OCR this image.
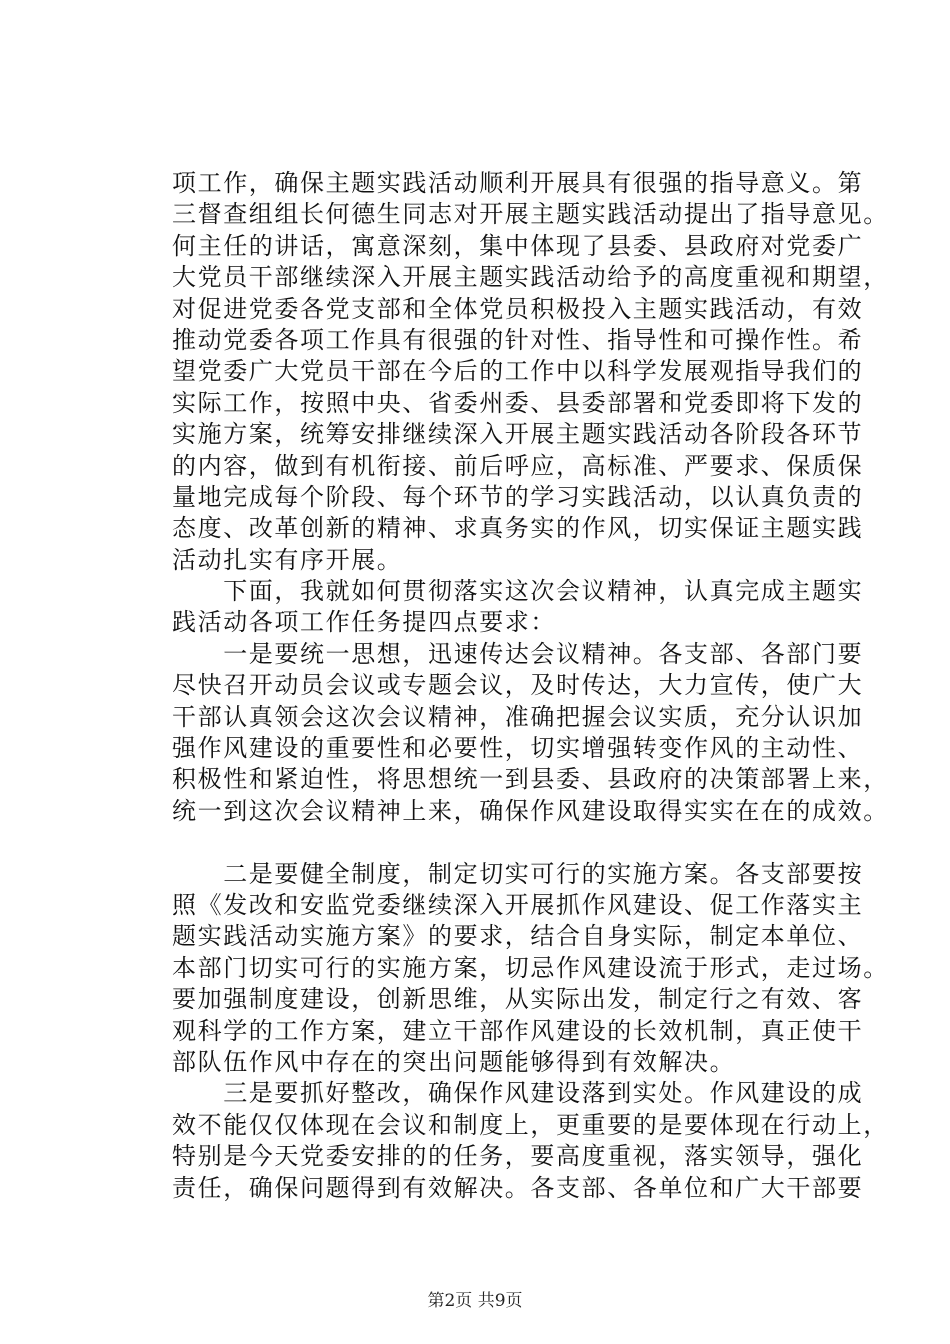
项工作，确保主题实践活动顺利开展具有很强的指导意义。第
三督查组组长何德生同志对开展主题实践活动提出了指导意见。
何主任的讲话，寓意深刻，集中体现了县委、县政府对党委广
大党员干部继续深入开展主题实践活动给予的高度重视和期望，
对促进党委各党支部和全体党员积极投入主题实践活动，有效
推动党委各项工作具有很强的针对性、指导性和可操作性。希
望党委广大党员干部在今后的工作中以科学发展观指导我们的
实际工作，按照中央、省委州委、县委部署和党委即将下发的
实施方案，统筹安排继续深入开展主题实践活动各阶段各环节
的内容，做到有机衔接、前后呼应，高标准、严要求、保质保
量地完成每个阶段、每个环节的学习实践活动，以认真负责的
态度、改革创新的精神、求真务实的作风，切实保证主题实践
活动扎实有序开展。
　　下面，我就如何贯彻落实这次会议精神，认真完成主题实
践活动各项工作任务提四点要求：
　　一是要统一思想，迅速传达会议精神。各支部、各部门要
尽快召开动员会议或专题会议，及时传达，大力宣传，使广大
干部认真领会这次会议精神，准确把握会议实质，充分认识加
强作风建设的重要性和必要性，切实增强转变作风的主动性、
积极性和紧迫性，将思想统一到县委、县政府的决策部署上来，
统一到这次会议精神上来，确保作风建设取得实实在在的成效。
　　二是要健全制度，制定切实可行的实施方案。各支部要按
照《发改和安监党委继续深入开展抓作风建设、促工作落实主
题实践活动实施方案》的要求，结合自身实际，制定本单位、
本部门切实可行的实施方案，切忌作风建设流于形式，走过场。
要加强制度建设，创新思维，从实际出发，制定行之有效、客
观科学的工作方案，建立干部作风建设的长效机制，真正使干
部队伍作风中存在的突出问题能够得到有效解决。
　　三是要抓好整改，确保作风建设落到实处。作风建设的成
效不能仅仅体现在会议和制度上，更重要的是要体现在行动上，
特别是今天党委安排的的任务，要高度重视，落实领导，强化
责任，确保问题得到有效解决。各支部、各单位和广大干部要
第2页 共9页
